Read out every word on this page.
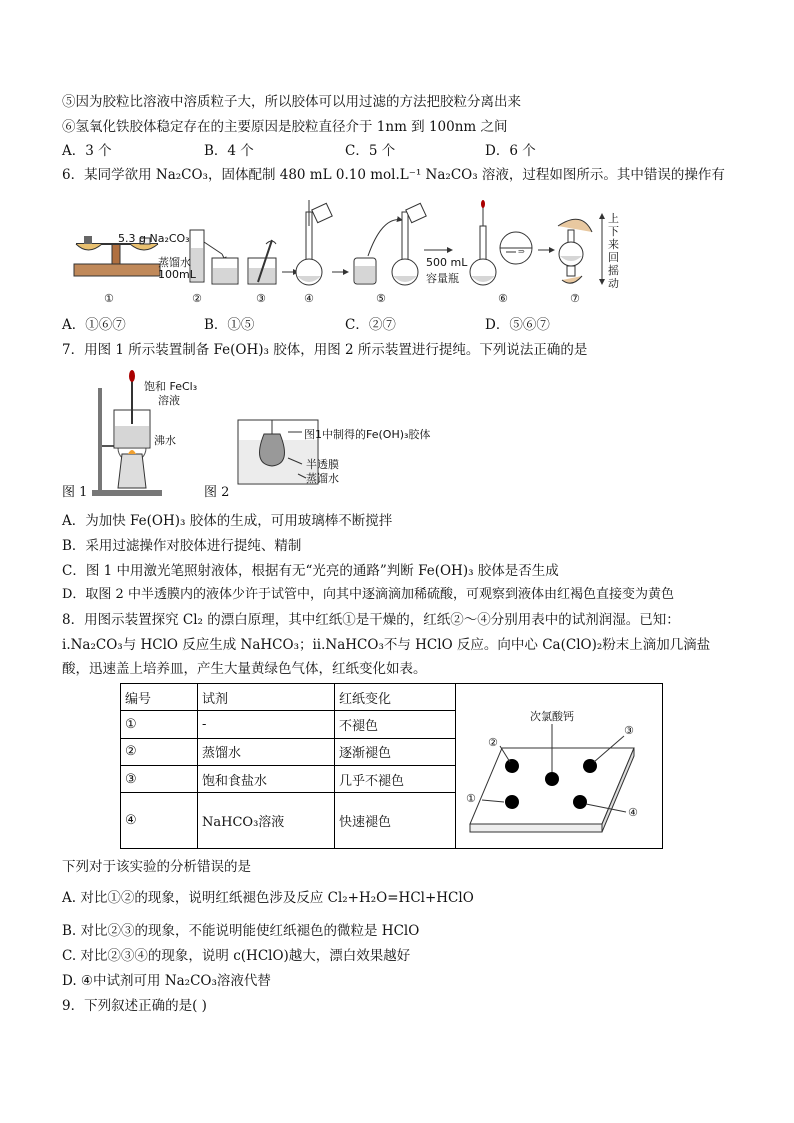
⑤因为胶粒比溶液中溶质粒子大，所以胶体可以用过滤的方法把胶粒分离出来
⑥氢氧化铁胶体稳定存在的主要原因是胶粒直径介于 1nm 到 100nm 之间
A．3 个	B．4 个	C．5 个	D．6 个
6．某同学欲用 Na₂CO₃，固体配制 480 mL 0.10 mol.L⁻¹ Na₂CO₃ 溶液，过程如图所示。其中错误的操作有
⇒
5.3 g Na₂CO₃
蒸馏水
100mL
500 mL
容量瓶
上下来回摇动
①	②	③	④	⑤	⑥	⑦
A．①⑥⑦	B．①⑤	C．②⑦	D．⑤⑥⑦
7．用图 1 所示装置制备 Fe(OH)₃ 胶体，用图 2 所示装置进行提纯。下列说法正确的是
饱和 FeCl₃
溶液
沸水
图 1
图1中制得的Fe(OH)₃胶体
半透膜
蒸馏水
图 2
A．为加快 Fe(OH)₃ 胶体的生成，可用玻璃棒不断搅拌
B．采用过滤操作对胶体进行提纯、精制
C．图 1 中用激光笔照射液体，根据有无“光亮的通路”判断 Fe(OH)₃ 胶体是否生成
D．取图 2 中半透膜内的液体少许于试管中，向其中逐滴滴加稀硫酸，可观察到液体由红褐色直接变为黄色
8．用图示装置探究 Cl₂ 的漂白原理，其中红纸①是干燥的，红纸②～④分别用表中的试剂润湿。已知：
i.Na₂CO₃与 HClO 反应生成 NaHCO₃；ii.NaHCO₃不与 HClO 反应。向中心 Ca(ClO)₂粉末上滴加几滴盐
酸，迅速盖上培养皿，产生大量黄绿色气体，红纸变化如表。
编号	试剂	红纸变化	次氯酸钙
①
②
③
④

①	-	不褪色	
②	蒸馏水	逐渐褪色	
③	饱和食盐水	几乎不褪色	
④	NaHCO₃溶液	快速褪色	
下列对于该实验的分析错误的是
A. 对比①②的现象，说明红纸褪色涉及反应 Cl₂+H₂O=HCl+HClO
B. 对比②③的现象，不能说明能使红纸褪色的微粒是 HClO
C. 对比②③④的现象，说明 c(HClO)越大，漂白效果越好
D. ④中试剂可用 Na₂CO₃溶液代替
9．下列叙述正确的是( )
